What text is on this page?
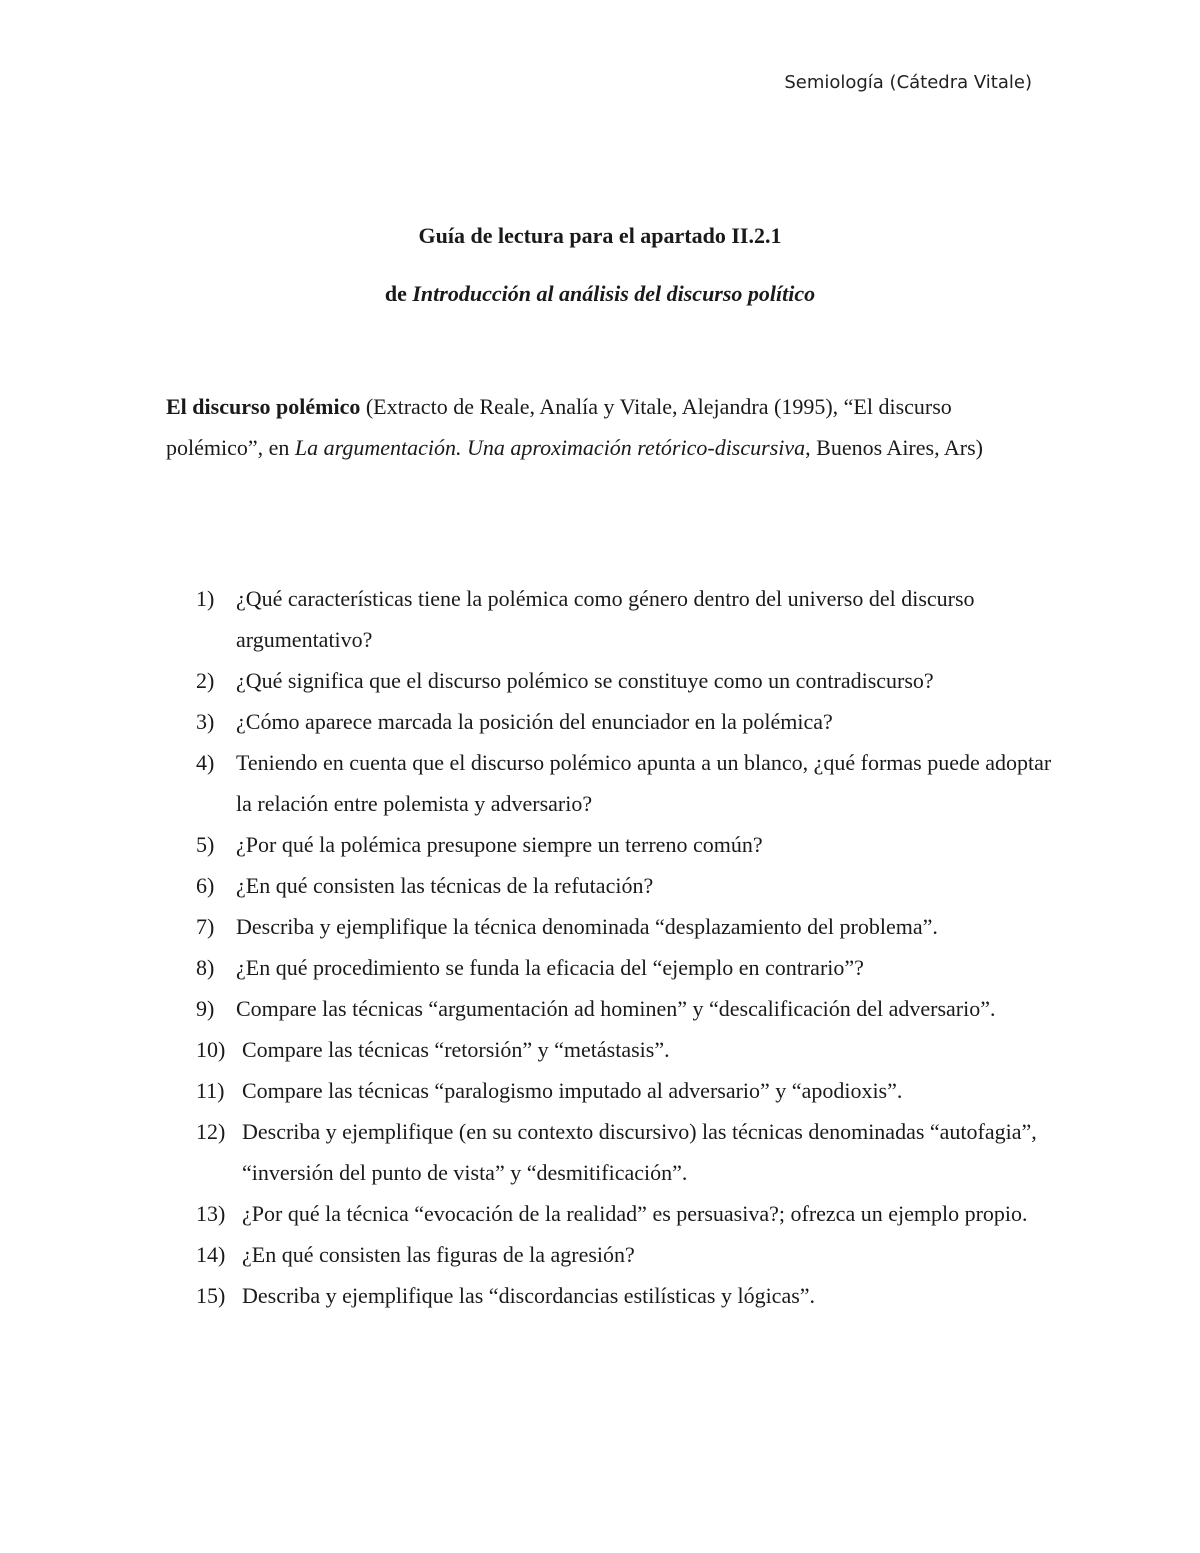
Semiología (Cátedra Vitale)
Guía de lectura para el apartado II.2.1
de Introducción al análisis del discurso político
El discurso polémico (Extracto de Reale, Analía y Vitale, Alejandra (1995), “El discurso polémico”, en La argumentación. Una aproximación retórico-discursiva, Buenos Aires, Ars)
1) ¿Qué características tiene la polémica como género dentro del universo del discurso argumentativo?
2) ¿Qué significa que el discurso polémico se constituye como un contradiscurso?
3) ¿Cómo aparece marcada la posición del enunciador en la polémica?
4) Teniendo en cuenta que el discurso polémico apunta a un blanco, ¿qué formas puede adoptar la relación entre polemista y adversario?
5) ¿Por qué la polémica presupone siempre un terreno común?
6) ¿En qué consisten las técnicas de la refutación?
7) Describa y ejemplifique la técnica denominada “desplazamiento del problema”.
8) ¿En qué procedimiento se funda la eficacia del “ejemplo en contrario”?
9) Compare las técnicas “argumentación ad hominen” y “descalificación del adversario”.
10) Compare las técnicas “retorsión” y “metástasis”.
11) Compare las técnicas “paralogismo imputado al adversario” y “apodioxis”.
12) Describa y ejemplifique (en su contexto discursivo) las técnicas denominadas “autofagia”, “inversión del punto de vista” y “desmitificación”.
13) ¿Por qué la técnica “evocación de la realidad” es persuasiva?; ofrezca un ejemplo propio.
14) ¿En qué consisten las figuras de la agresión?
15) Describa y ejemplifique las “discordancias estilísticas y lógicas”.
